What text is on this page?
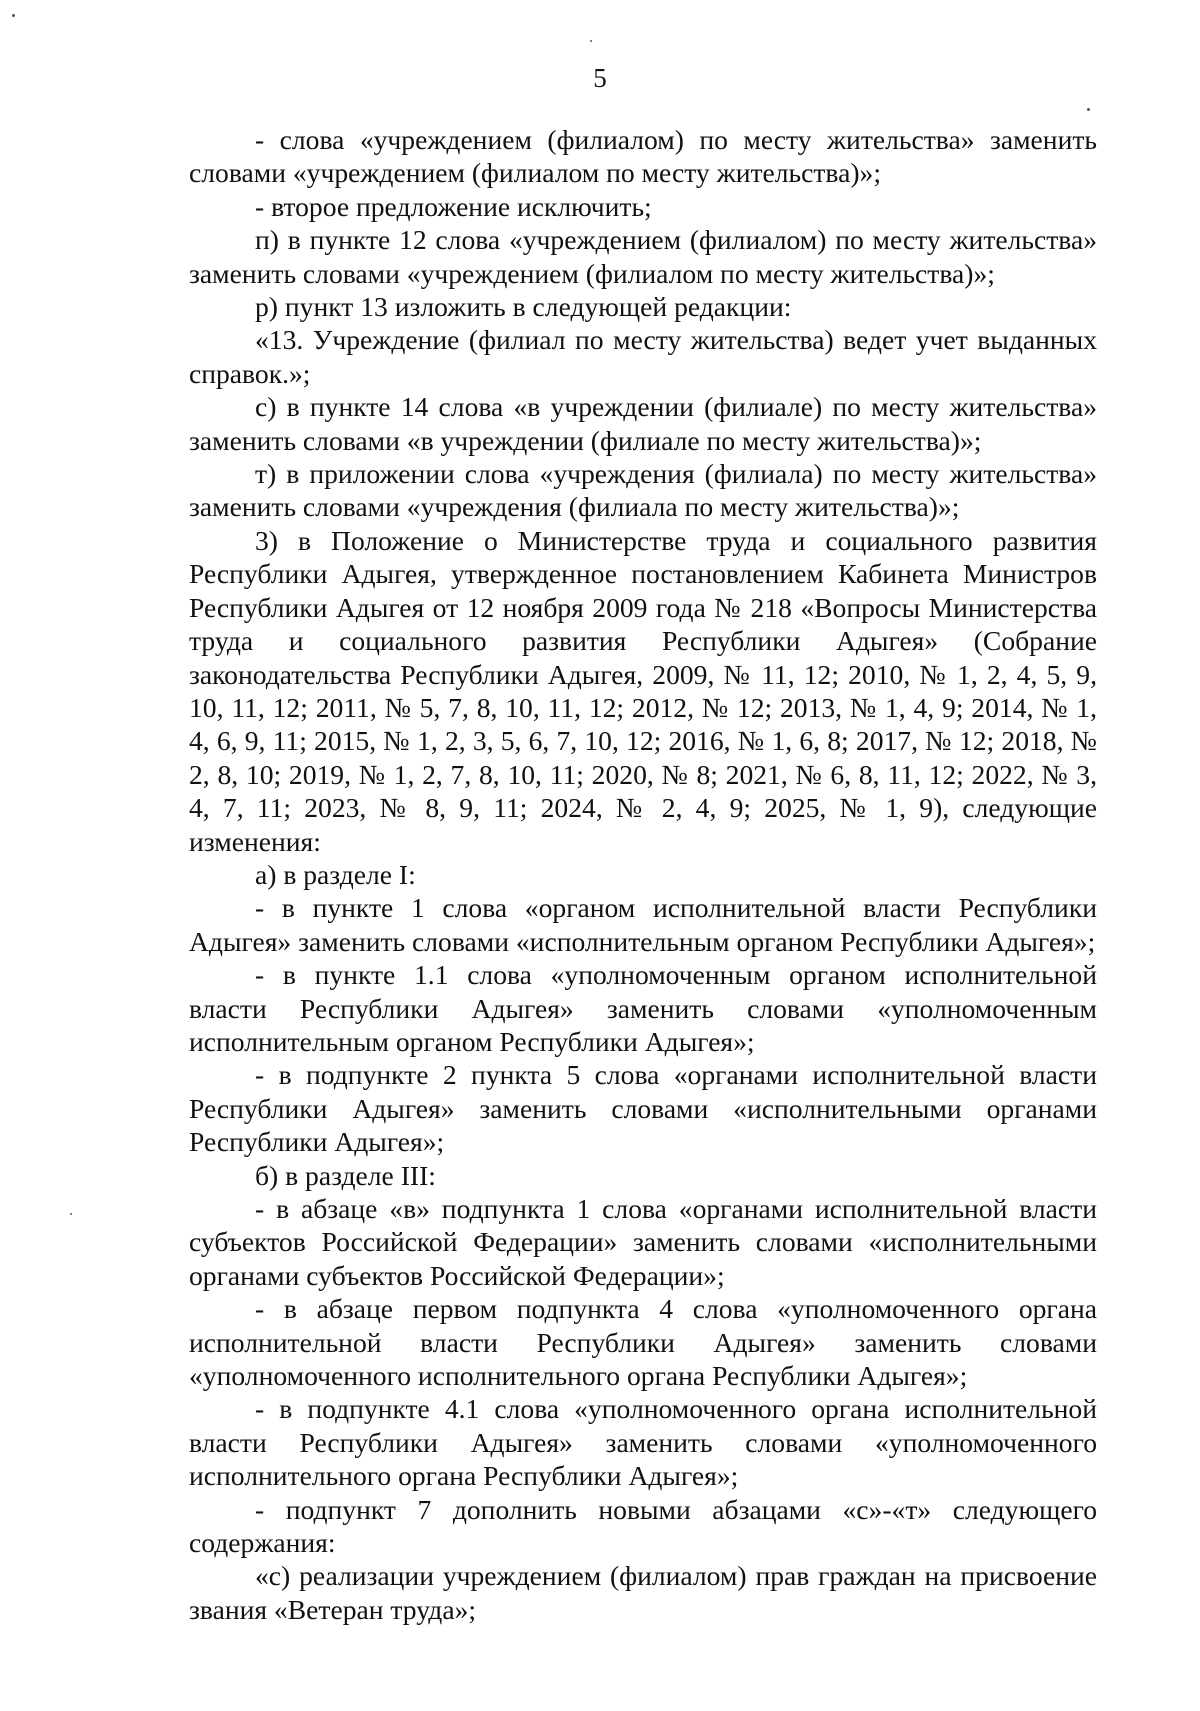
5

- слова «учреждением (филиалом) по месту жительства» заменить словами «учреждением (филиалом по месту жительства)»;

- второе предложение исключить;

п) в пункте 12 слова «учреждением (филиалом) по месту жительства» заменить словами «учреждением (филиалом по месту жительства)»;

р) пункт 13 изложить в следующей редакции:

«13. Учреждение (филиал по месту жительства) ведет учет выданных справок.»;

с) в пункте 14 слова «в учреждении (филиале) по месту жительства» заменить словами «в учреждении (филиале по месту жительства)»;

т) в приложении слова «учреждения (филиала) по месту жительства» заменить словами «учреждения (филиала по месту жительства)»;

3) в Положение о Министерстве труда и социального развития Республики Адыгея, утвержденное постановлением Кабинета Министров Республики Адыгея от 12 ноября 2009 года № 218 «Вопросы Министерства труда и социального развития Республики Адыгея» (Собрание законодательства Республики Адыгея, 2009, № 11, 12; 2010, № 1, 2, 4, 5, 9, 10, 11, 12; 2011, № 5, 7, 8, 10, 11, 12; 2012, № 12; 2013, № 1, 4, 9; 2014, № 1, 4, 6, 9, 11; 2015, № 1, 2, 3, 5, 6, 7, 10, 12; 2016, № 1, 6, 8; 2017, № 12; 2018, № 2, 8, 10; 2019, № 1, 2, 7, 8, 10, 11; 2020, № 8; 2021, № 6, 8, 11, 12; 2022, № 3, 4, 7, 11; 2023, № 8, 9, 11; 2024, № 2, 4, 9; 2025, № 1, 9), следующие изменения:

а) в разделе I:

- в пункте 1 слова «органом исполнительной власти Республики Адыгея» заменить словами «исполнительным органом Республики Адыгея»;

- в пункте 1.1 слова «уполномоченным органом исполнительной власти Республики Адыгея» заменить словами «уполномоченным исполнительным органом Республики Адыгея»;

- в подпункте 2 пункта 5 слова «органами исполнительной власти Республики Адыгея» заменить словами «исполнительными органами Республики Адыгея»;

б) в разделе III:

- в абзаце «в» подпункта 1 слова «органами исполнительной власти субъектов Российской Федерации» заменить словами «исполнительными органами субъектов Российской Федерации»;

- в абзаце первом подпункта 4 слова «уполномоченного органа исполнительной власти Республики Адыгея» заменить словами «уполномоченного исполнительного органа Республики Адыгея»;

- в подпункте 4.1 слова «уполномоченного органа исполнительной власти Республики Адыгея» заменить словами «уполномоченного исполнительного органа Республики Адыгея»;

- подпункт 7 дополнить новыми абзацами «с»-«т» следующего содержания:

«с) реализации учреждением (филиалом) прав граждан на присвоение звания «Ветеран труда»;
